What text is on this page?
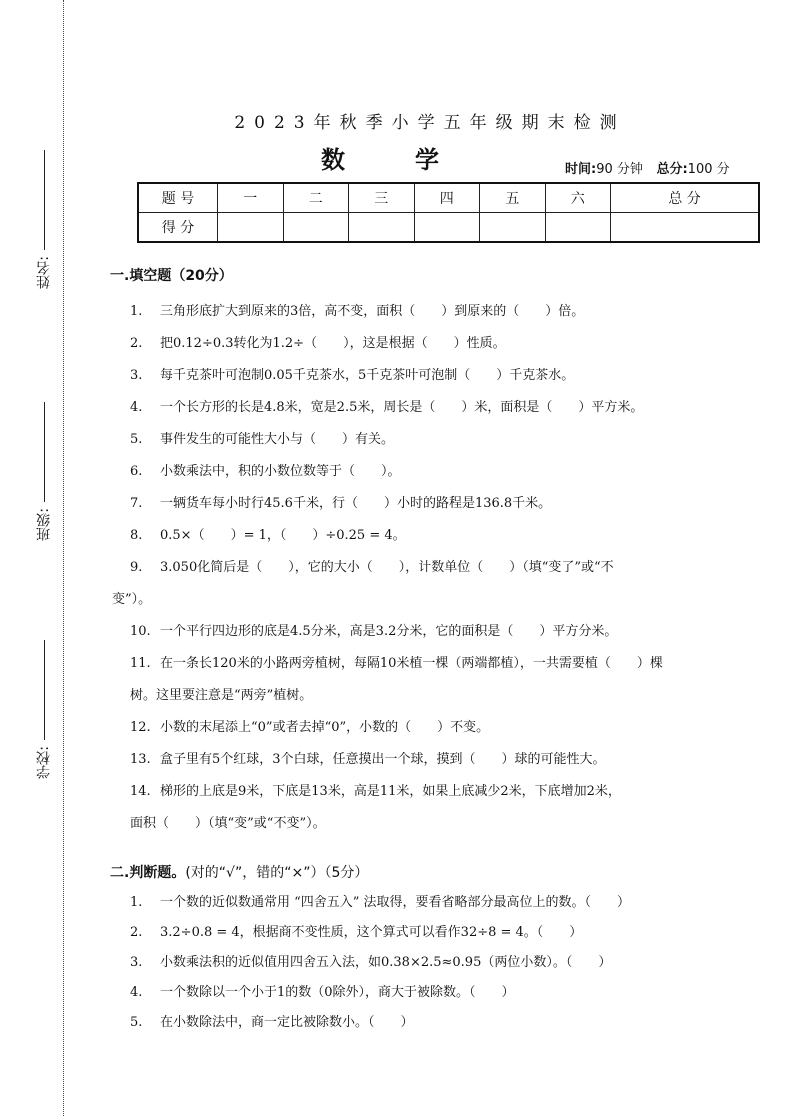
姓名:
班级:
学校:
2023年秋季小学五年级期末检测
数学	时间:90 分钟 总分:100 分
题 号	一	二	三	四	五	六	总 分
得 分							
一.填空题（20分）
1. 三角形底扩大到原来的3倍，高不变，面积（　　）到原来的（　　）倍。
2. 把0.12÷0.3转化为1.2÷（　　），这是根据（　　）性质。
3. 每千克茶叶可泡制0.05千克茶水，5千克茶叶可泡制（　　）千克茶水。
4. 一个长方形的长是4.8米，宽是2.5米，周长是（　　）米，面积是（　　）平方米。
5. 事件发生的可能性大小与（　　）有关。
6. 小数乘法中，积的小数位数等于（　　）。
7. 一辆货车每小时行45.6千米，行（　　）小时的路程是136.8千米。
8. 0.5×（　　）= 1，（　　）÷0.25 = 4。
9. 3.050化简后是（　　），它的大小（　　），计数单位（　　）（填“变了”或“不
变”）。
10. 一个平行四边形的底是4.5分米，高是3.2分米，它的面积是（　　）平方分米。
11. 在一条长120米的小路两旁植树，每隔10米植一棵（两端都植），一共需要植（　　）棵
树。这里要注意是“两旁”植树。
12. 小数的末尾添上“0”或者去掉“0”，小数的（　　）不变。
13. 盒子里有5个红球，3个白球，任意摸出一个球，摸到（　　）球的可能性大。
14. 梯形的上底是9米，下底是13米，高是11米，如果上底减少2米，下底增加2米，
面积（　　）（填“变”或“不变”）。
二.判断题。(对的“√”，错的“×”）（5分）
1. 一个数的近似数通常用 “四舍五入” 法取得，要看省略部分最高位上的数。（　　）
2. 3.2÷0.8 = 4，根据商不变性质，这个算式可以看作32÷8 = 4。（　　）
3. 小数乘法积的近似值用四舍五入法，如0.38×2.5≈0.95（两位小数）。（　　）
4. 一个数除以一个小于1的数（0除外），商大于被除数。（　　）
5. 在小数除法中，商一定比被除数小。（　　）
